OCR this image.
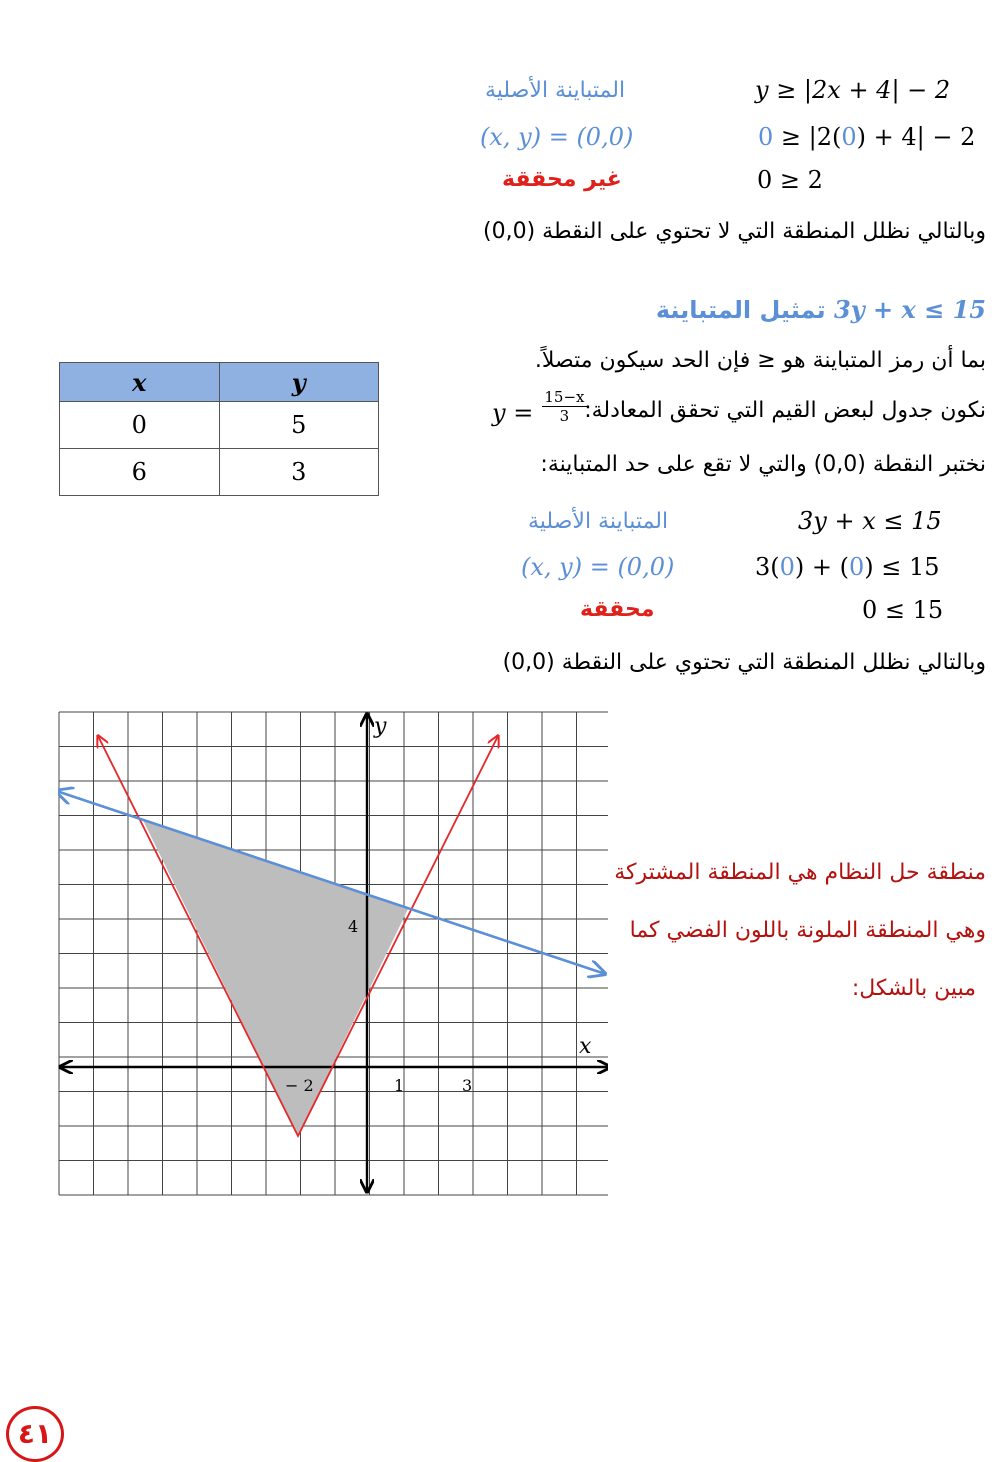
المتباينة الأصلية	y ≥ |2x + 4| − 2
(x, y) = (0,0)	0 ≥ |2(0) + 4| − 2
غير محققة	0 ≥ 2
وبالتالي نظلل المنطقة التي لا تحتوي على النقطة (0,0)
تمثيل المتباينة 3y + x ≤ 15
بما أن رمز المتباينة هو ≤ فإن الحد سيكون متصلاً.
نكون جدول لبعض القيم التي تحقق المعادلة:
$y = \frac{15-x}{3}$
نختبر النقطة (0,0) والتي لا تقع على حد المتباينة:
x	y
0	5
6	3
المتباينة الأصلية	3y + x ≤ 15
(x, y) = (0,0)	3(0) + (0) ≤ 15
محققة	0 ≤ 15
وبالتالي نظلل المنطقة التي تحتوي على النقطة (0,0)
x
y
4
− 2	1	3
منطقة حل النظام هي المنطقة المشتركة
وهي المنطقة الملونة باللون الفضي كما
مبين بالشكل:
٤١
